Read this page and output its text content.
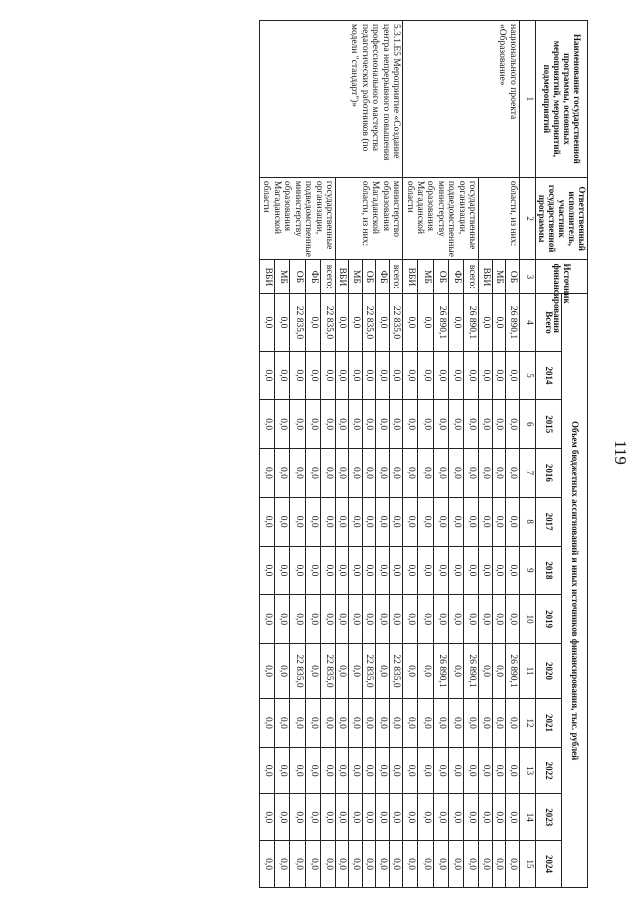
119
Наименование государственной программы, основных мероприятий, мероприятий, подмероприятий	Ответственный исполнитель, участник государственной программы	Источник финансирования	Объем бюджетных ассигнований и иных источников финансирования, тыс. рублей											
			Всего	2014	2015	2016	2017	2018	2019	2020	2021	2022	2023	2024
1	2	3	4	5	6	7	8	9	10	11	12	13	14	15
национального проекта «Образование»	области, из них:	ОБ	26 890,1	0,0	0,0	0,0	0,0	0,0	0,0	26 890,1	0,0	0,0	0,0	0,0
		МБ	0,0	0,0	0,0	0,0	0,0	0,0	0,0	0,0	0,0	0,0	0,0	0,0
		ВБИ	0,0	0,0	0,0	0,0	0,0	0,0	0,0	0,0	0,0	0,0	0,0	0,0
	государственные организации, подведомственные министерству образования Магаданской области	всего:	26 890,1	0,0	0,0	0,0	0,0	0,0	0,0	26 890,1	0,0	0,0	0,0	0,0
		ФБ	0,0	0,0	0,0	0,0	0,0	0,0	0,0	0,0	0,0	0,0	0,0	0,0
		ОБ	26 890,1	0,0	0,0	0,0	0,0	0,0	0,0	26 890,1	0,0	0,0	0,0	0,0
		МБ	0,0	0,0	0,0	0,0	0,0	0,0	0,0	0,0	0,0	0,0	0,0	0,0
		ВБИ	0,0	0,0	0,0	0,0	0,0	0,0	0,0	0,0	0,0	0,0	0,0	0,0
5.3.1.Е5 Мероприятие «Создание центра непрерывного повышения профессионального мастерства педагогических работников (по модели "стандарт")»	министерство образования Магаданской области, из них:	всего:	22 835,0	0,0	0,0	0,0	0,0	0,0	0,0	22 835,0	0,0	0,0	0,0	0,0
		ФБ	0,0	0,0	0,0	0,0	0,0	0,0	0,0	0,0	0,0	0,0	0,0	0,0
		ОБ	22 835,0	0,0	0,0	0,0	0,0	0,0	0,0	22 835,0	0,0	0,0	0,0	0,0
		МБ	0,0	0,0	0,0	0,0	0,0	0,0	0,0	0,0	0,0	0,0	0,0	0,0
		ВБИ	0,0	0,0	0,0	0,0	0,0	0,0	0,0	0,0	0,0	0,0	0,0	0,0
	государственные организации, подведомственные министерству образования Магаданской области	всего:	22 835,0	0,0	0,0	0,0	0,0	0,0	0,0	22 835,0	0,0	0,0	0,0	0,0
		ФБ	0,0	0,0	0,0	0,0	0,0	0,0	0,0	0,0	0,0	0,0	0,0	0,0
		ОБ	22 835,0	0,0	0,0	0,0	0,0	0,0	0,0	22 835,0	0,0	0,0	0,0	0,0
		МБ	0,0	0,0	0,0	0,0	0,0	0,0	0,0	0,0	0,0	0,0	0,0	0,0
		ВБИ	0,0	0,0	0,0	0,0	0,0	0,0	0,0	0,0	0,0	0,0	0,0	0,0
